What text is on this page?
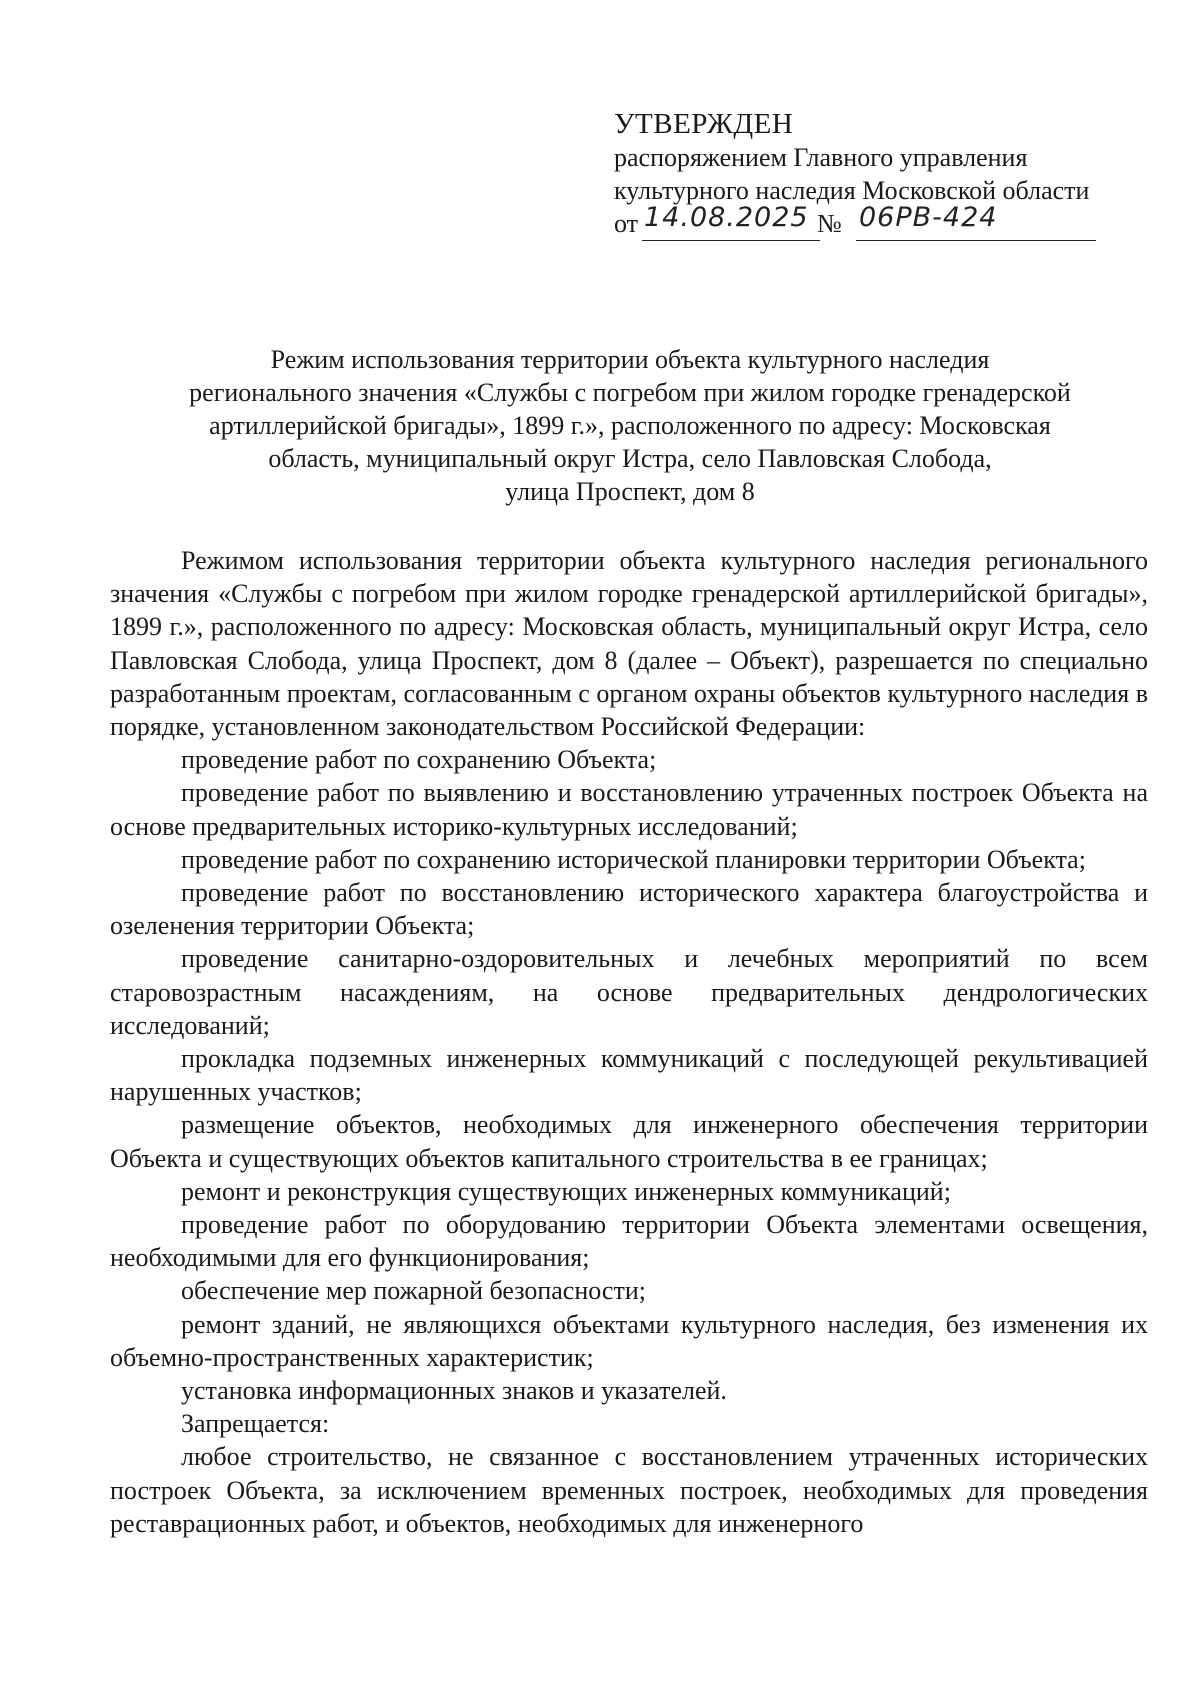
УТВЕРЖДЕН
распоряжением Главного управления
культурного наследия Московской области
от 14.08.2025 № 06РВ-424
Режим использования территории объекта культурного наследия
регионального значения «Службы с погребом при жилом городке гренадерской
артиллерийской бригады», 1899 г.», расположенного по адресу: Московская
область, муниципальный округ Истра, село Павловская Слобода,
улица Проспект, дом 8

Режимом использования территории объекта культурного наследия регионального значения «Службы с погребом при жилом городке гренадерской артиллерийской бригады», 1899 г.», расположенного по адресу: Московская область, муниципальный округ Истра, село Павловская Слобода, улица Проспект, дом 8 (далее – Объект), разрешается по специально разработанным проектам, согласованным с органом охраны объектов культурного наследия в порядке, установленном законодательством Российской Федерации:

проведение работ по сохранению Объекта;

проведение работ по выявлению и восстановлению утраченных построек Объекта на основе предварительных историко-культурных исследований;

проведение работ по сохранению исторической планировки территории Объекта;

проведение работ по восстановлению исторического характера благоустройства и озеленения территории Объекта;

проведение санитарно-оздоровительных и лечебных мероприятий по всем старовозрастным насаждениям, на основе предварительных дендрологических исследований;

прокладка подземных инженерных коммуникаций с последующей рекультивацией нарушенных участков;

размещение объектов, необходимых для инженерного обеспечения территории Объекта и существующих объектов капитального строительства в ее границах;

ремонт и реконструкция существующих инженерных коммуникаций;

проведение работ по оборудованию территории Объекта элементами освещения, необходимыми для его функционирования;

обеспечение мер пожарной безопасности;

ремонт зданий, не являющихся объектами культурного наследия, без изменения их объемно-пространственных характеристик;

установка информационных знаков и указателей.

Запрещается:

любое строительство, не связанное с восстановлением утраченных исторических построек Объекта, за исключением временных построек, необходимых для проведения реставрационных работ, и объектов, необходимых для инженерного
